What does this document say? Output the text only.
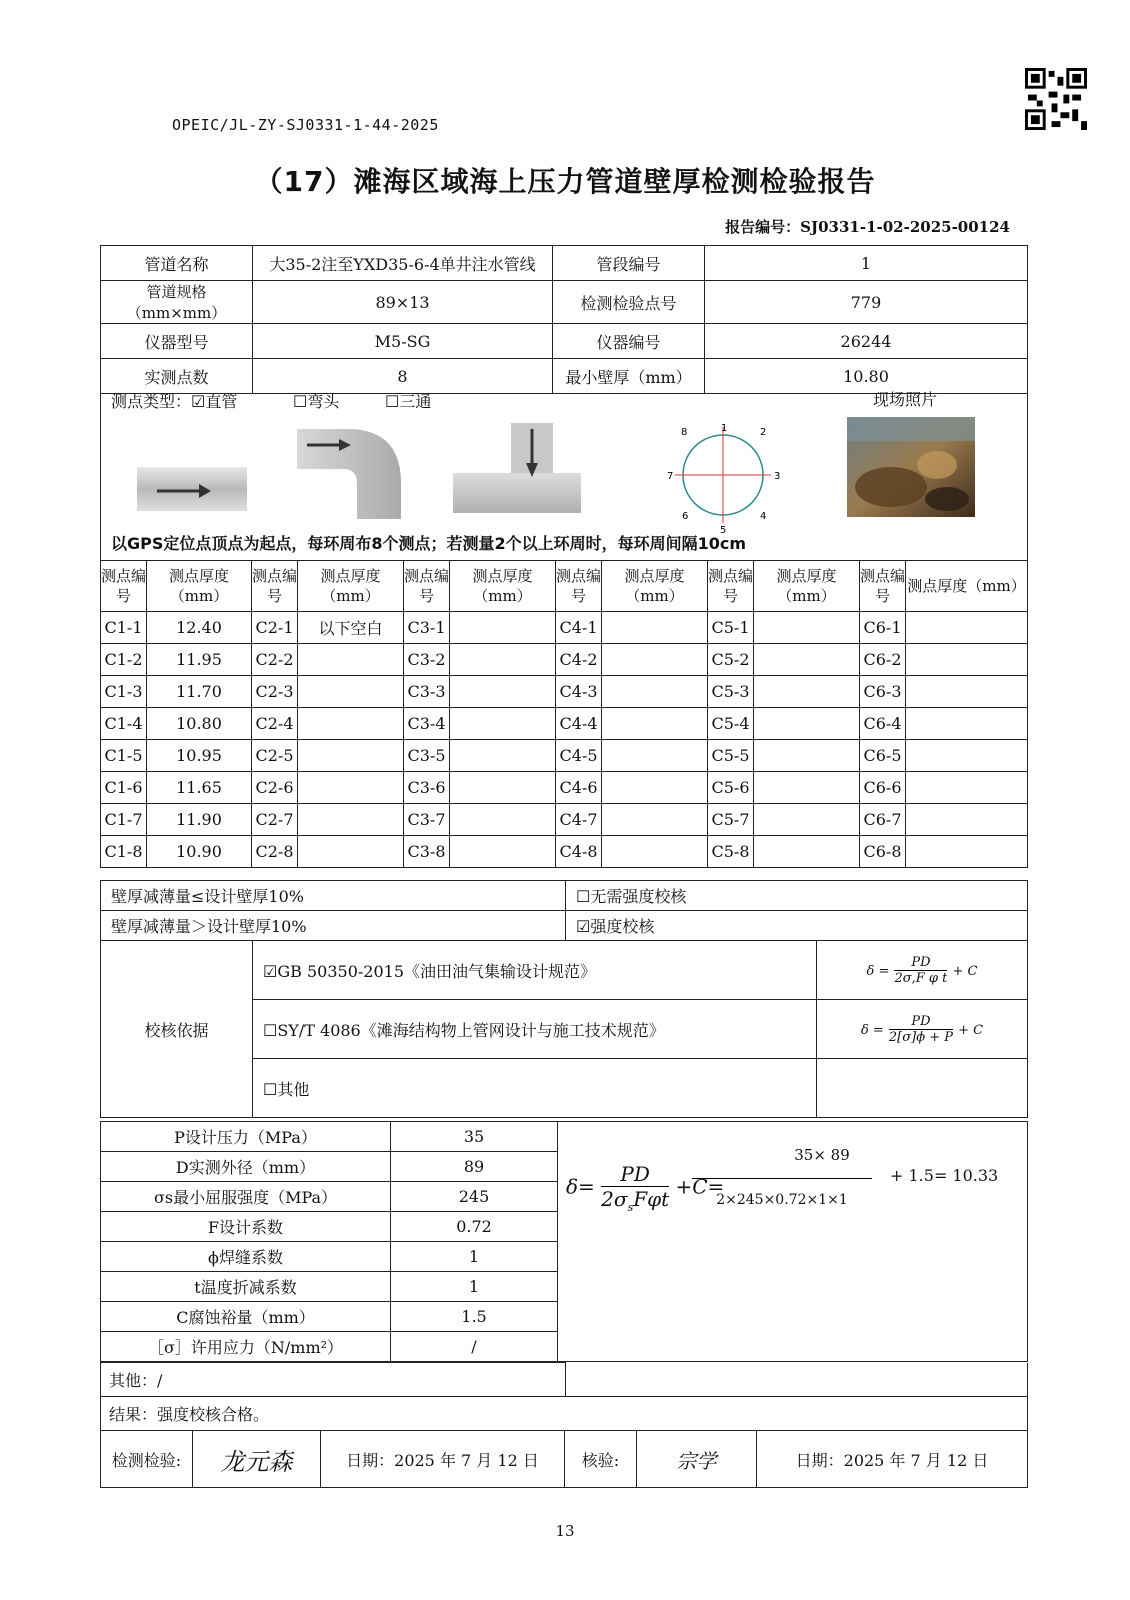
OPEIC/JL-ZY-SJ0331-1-44-2025
（17）滩海区域海上压力管道壁厚检测检验报告
报告编号：SJ0331-1-02-2025-00124
管道名称	大35-2注至YXD35-6-4单井注水管线	管段编号	1
管道规格（mm×mm）	89×13	检测检验点号	779
仪器型号	M5-SG	仪器编号	26244
实测点数	8	最小壁厚（mm）	10.80
测点类型：☑直管	☐弯头	☐三通	现场照片
1	2
3
4
5
6
7
8
以GPS定位点顶点为起点，每环周布8个测点；若测量2个以上环周时，每环周间隔10cm
测点编号	测点厚度（mm）	测点编号	测点厚度（mm）	测点编号	测点厚度（mm）	测点编号	测点厚度（mm）	测点编号	测点厚度（mm）	测点编号	测点厚度（mm）
C1-1	12.40	C2-1	以下空白	C3-1		C4-1		C5-1		C6-1	
C1-2	11.95	C2-2		C3-2		C4-2		C5-2		C6-2	
C1-3	11.70	C2-3		C3-3		C4-3		C5-3		C6-3	
C1-4	10.80	C2-4		C3-4		C4-4		C5-4		C6-4	
C1-5	10.95	C2-5		C3-5		C4-5		C5-5		C6-5	
C1-6	11.65	C2-6		C3-6		C4-6		C5-6		C6-6	
C1-7	11.90	C2-7		C3-7		C4-7		C5-7		C6-7	
C1-8	10.90	C2-8		C3-8		C4-8		C5-8		C6-8	
壁厚减薄量≤设计壁厚10%	☐无需强度校核
壁厚减薄量＞设计壁厚10%	☑强度校核
校核依据	☑GB 50350-2015《油田油气集输设计规范》	$\delta = \frac{PD}{\text{2σ,F φ t}} + C$
	☐SY/T 4086《滩海结构物上管网设计与施工技术规范》	$\delta = \frac{PD}{2[\sigma]\phi + P} + C$
	☐其他	
P设计压力（MPa）	35	
D实测外径（mm）	89	
σs最小屈服强度（MPa）	245	
F设计系数	0.72	
ϕ焊缝系数	1	
t温度折减系数	1	
C腐蚀裕量（mm）	1.5	
［σ］许用应力（N/mm²）	/	
δ=
PD
$2\sigma_sF\varphi t$
+C=
35× 89
2×245×0.72×1×1
+ 1.5= 10.33
其他：/	
结果：强度校核合格。
检测检验:	龙元森	日期：2025 年 7 月 12 日	核验:	宗学	日期：2025 年 7 月 12 日
13
